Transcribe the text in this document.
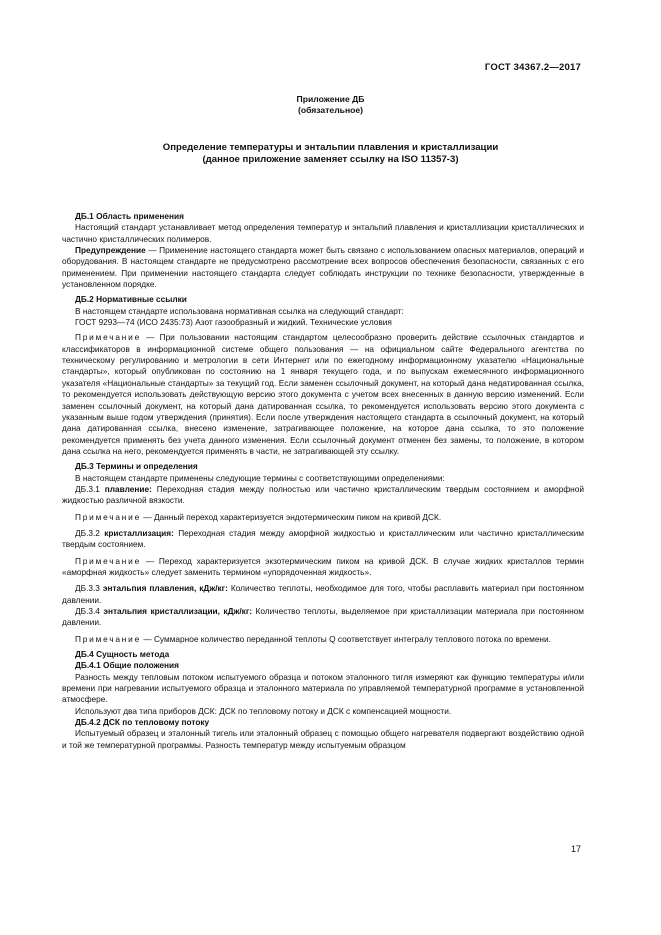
ГОСТ 34367.2—2017
Приложение ДБ
(обязательное)
Определение температуры и энтальпии плавления и кристаллизации
(данное приложение заменяет ссылку на ISO 11357-3)

ДБ.1 Область применения

Настоящий стандарт устанавливает метод определения температур и энтальпий плавления и кристаллизации кристаллических и частично кристаллических полимеров.

Предупреждение — Применение настоящего стандарта может быть связано с использованием опасных материалов, операций и оборудования. В настоящем стандарте не предусмотрено рассмотрение всех вопросов обеспечения безопасности, связанных с его применением. При применении настоящего стандарта следует соблюдать инструкции по технике безопасности, утвержденные в установленном порядке.

ДБ.2 Нормативные ссылки

В настоящем стандарте использована нормативная ссылка на следующий стандарт:

ГОСТ 9293—74 (ИСО 2435:73) Азот газообразный и жидкий. Технические условия

Примечание — При пользовании настоящим стандартом целесообразно проверить действие ссылочных стандартов и классификаторов в информационной системе общего пользования — на официальном сайте Федерального агентства по техническому регулированию и метрологии в сети Интернет или по ежегодному информационному указателю «Национальные стандарты», который опубликован по состоянию на 1 января текущего года, и по выпускам ежемесячного информационного указателя «Национальные стандарты» за текущий год. Если заменен ссылочный документ, на который дана недатированная ссылка, то рекомендуется использовать действующую версию этого документа с учетом всех внесенных в данную версию изменений. Если заменен ссылочный документ, на который дана датированная ссылка, то рекомендуется использовать версию этого документа с указанным выше годом утверждения (принятия). Если после утверждения настоящего стандарта в ссылочный документ, на который дана датированная ссылка, внесено изменение, затрагивающее положение, на которое дана ссылка, то это положение рекомендуется применять без учета данного изменения. Если ссылочный документ отменен без замены, то положение, в котором дана ссылка на него, рекомендуется применять в части, не затрагивающей эту ссылку.

ДБ.3 Термины и определения

В настоящем стандарте применены следующие термины с соответствующими определениями:

ДБ.3.1 плавление: Переходная стадия между полностью или частично кристаллическим твердым состоянием и аморфной жидкостью различной вязкости.

Примечание — Данный переход характеризуется эндотермическим пиком на кривой ДСК.

ДБ.3.2 кристаллизация: Переходная стадия между аморфной жидкостью и кристаллическим или частично кристаллическим твердым состоянием.

Примечание — Переход характеризуется экзотермическим пиком на кривой ДСК. В случае жидких кристаллов термин «аморфная жидкость» следует заменить термином «упорядоченная жидкость».

ДБ.3.3 энтальпия плавления, кДж/кг: Количество теплоты, необходимое для того, чтобы расплавить материал при постоянном давлении.

ДБ.3.4 энтальпия кристаллизации, кДж/кг: Количество теплоты, выделяемое при кристаллизации материала при постоянном давлении.

Примечание — Суммарное количество переданной теплоты Q соответствует интегралу теплового потока по времени.

ДБ.4 Сущность метода

ДБ.4.1 Общие положения

Разность между тепловым потоком испытуемого образца и потоком эталонного тигля измеряют как функцию температуры и/или времени при нагревании испытуемого образца и эталонного материала по управляемой температурной программе в установленной атмосфере.

Используют два типа приборов ДСК: ДСК по тепловому потоку и ДСК с компенсацией мощности.

ДБ.4.2 ДСК по тепловому потоку

Испытуемый образец и эталонный тигель или эталонный образец с помощью общего нагревателя подвергают воздействию одной и той же температурной программы. Разность температур между испытуемым образцом

17
